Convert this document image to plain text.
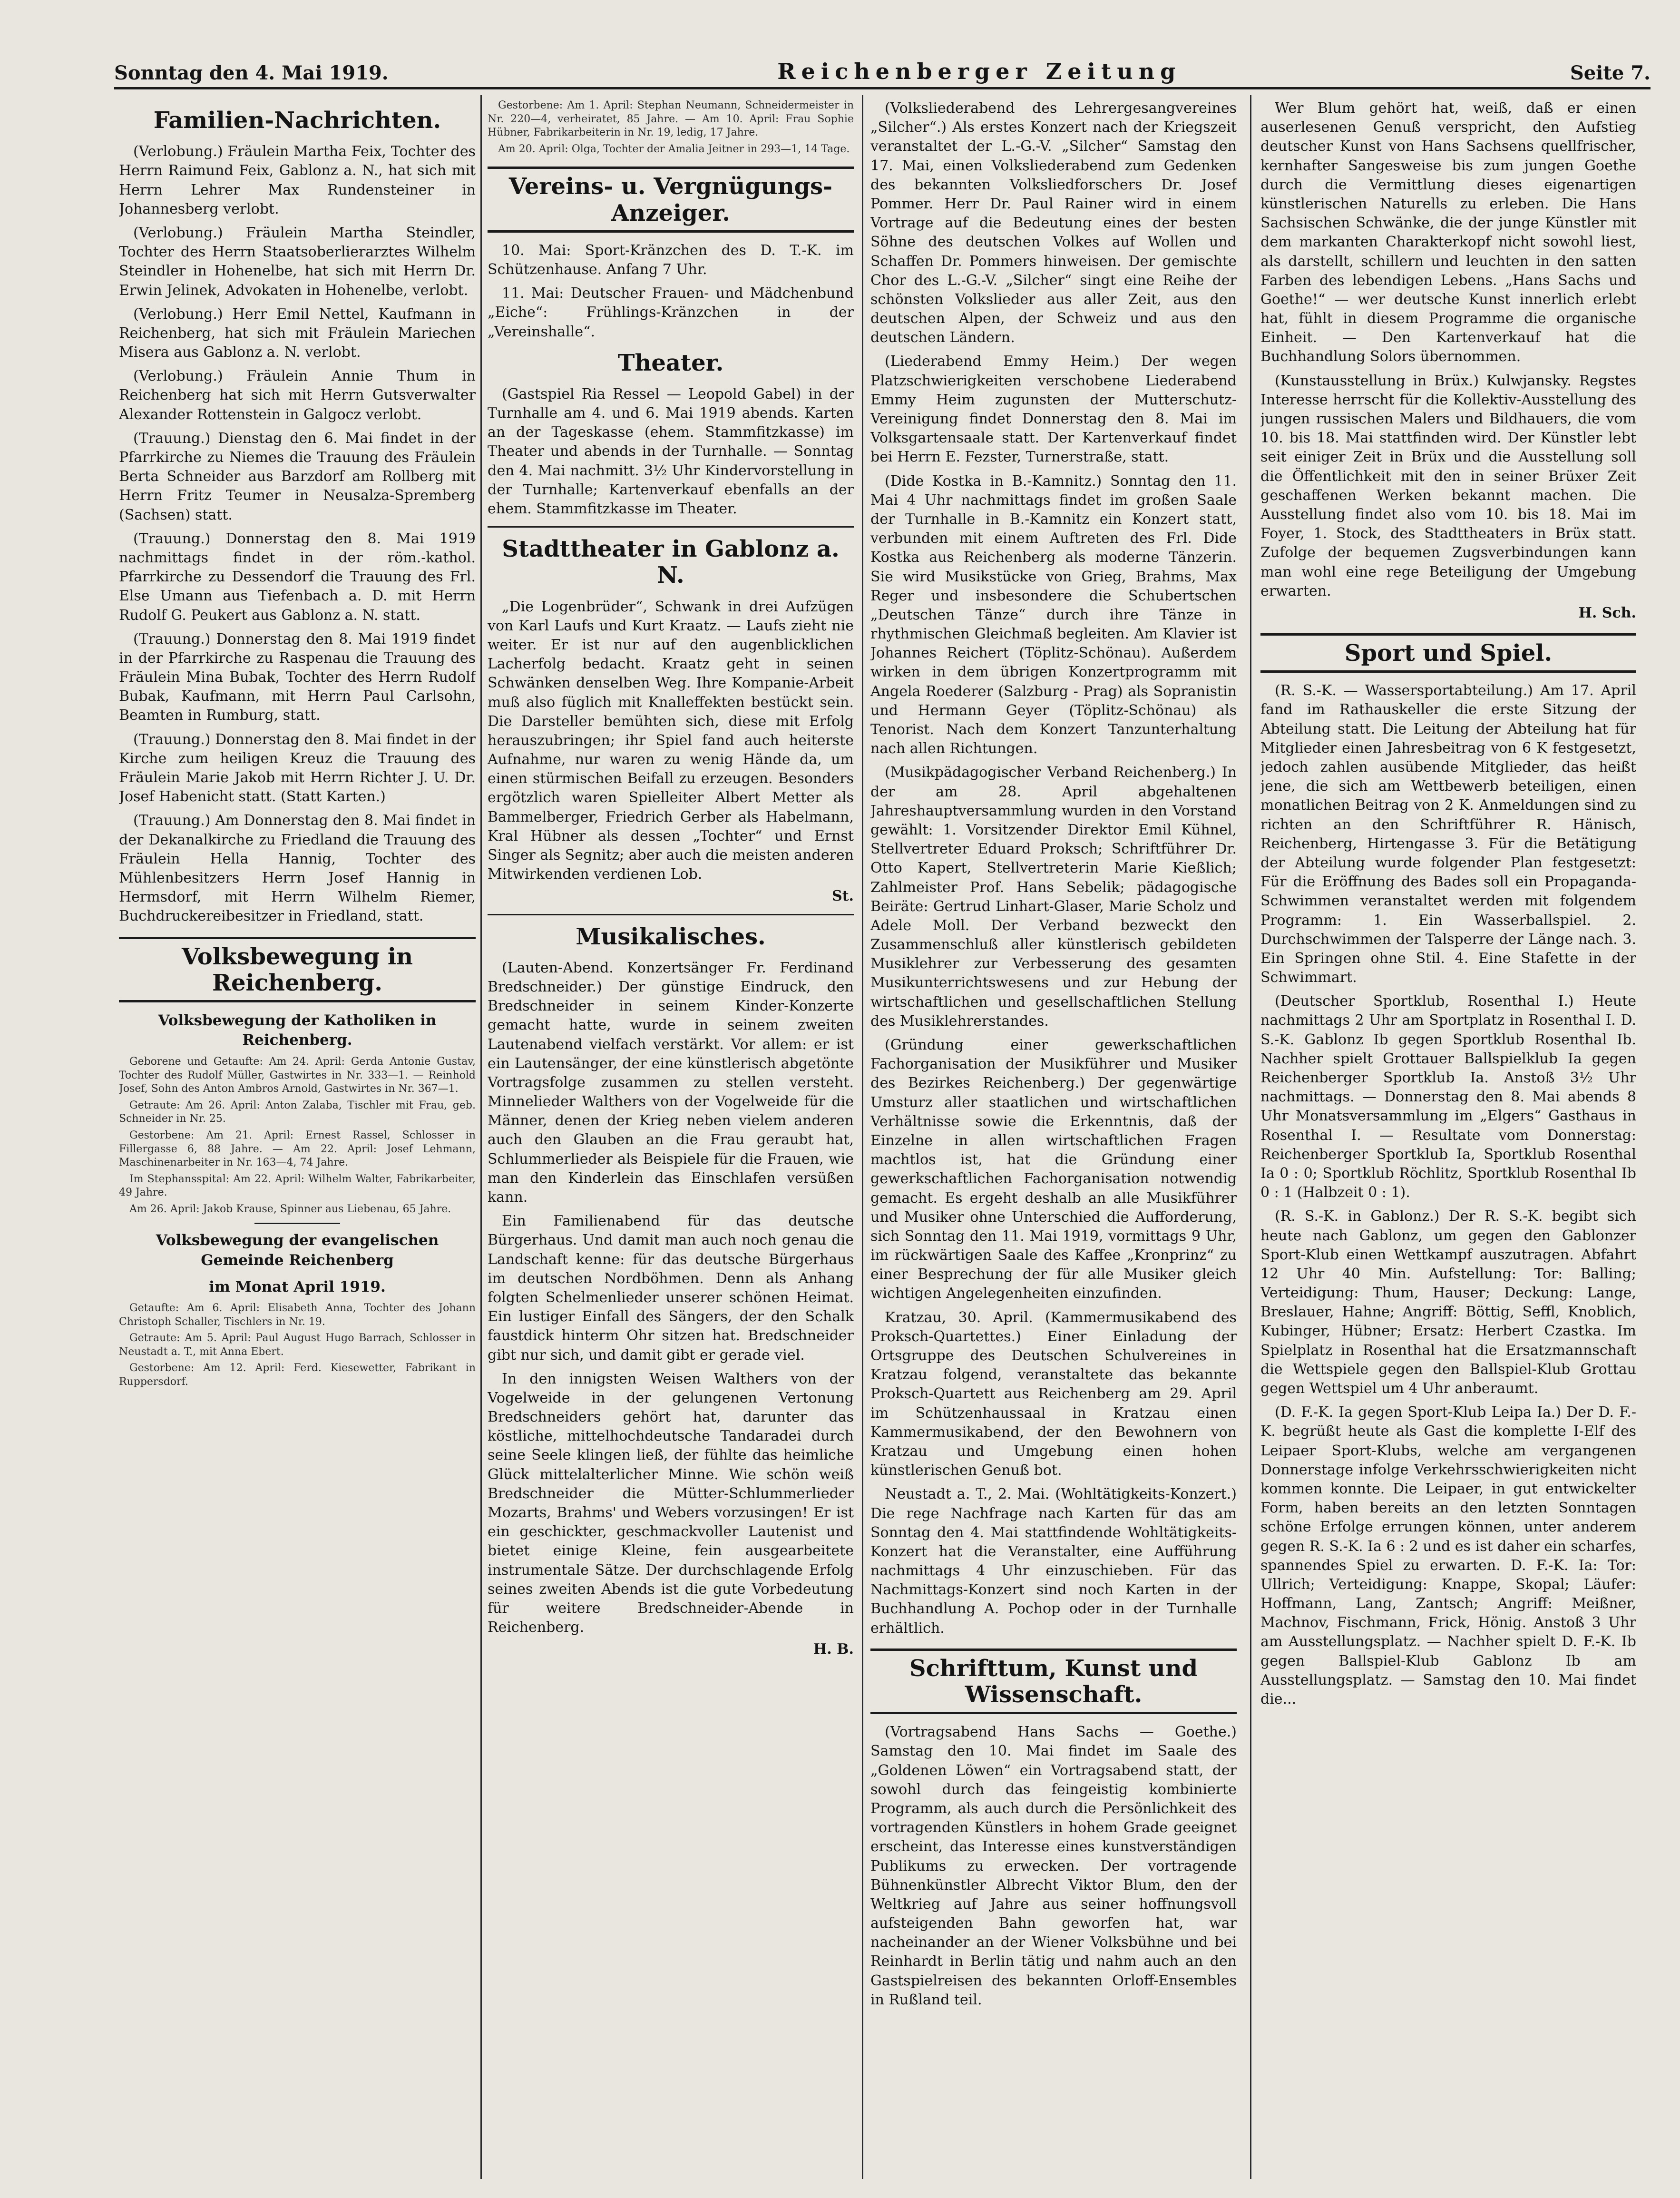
Sonntag den 4. Mai 1919.	Reichenberger Zeitung	Seite 7.
Familien-Nachrichten.

(Verlobung.) Fräulein Martha Feix, Tochter des Herrn Raimund Feix, Gablonz a. N., hat sich mit Herrn Lehrer Max Rundensteiner in Johannesberg verlobt.

(Verlobung.) Fräulein Martha Steindler, Tochter des Herrn Staatsoberlierarztes Wilhelm Steindler in Hohenelbe, hat sich mit Herrn Dr. Erwin Jelinek, Advokaten in Hohenelbe, verlobt.

(Verlobung.) Herr Emil Nettel, Kaufmann in Reichenberg, hat sich mit Fräulein Mariechen Misera aus Gablonz a. N. verlobt.

(Verlobung.) Fräulein Annie Thum in Reichenberg hat sich mit Herrn Gutsverwalter Alexander Rottenstein in Galgocz verlobt.

(Trauung.) Dienstag den 6. Mai findet in der Pfarrkirche zu Niemes die Trauung des Fräulein Berta Schneider aus Barzdorf am Rollberg mit Herrn Fritz Teumer in Neusalza-Spremberg (Sachsen) statt.

(Trauung.) Donnerstag den 8. Mai 1919 nachmittags findet in der röm.-kathol. Pfarrkirche zu Dessendorf die Trauung des Frl. Else Umann aus Tiefenbach a. D. mit Herrn Rudolf G. Peukert aus Gablonz a. N. statt.

(Trauung.) Donnerstag den 8. Mai 1919 findet in der Pfarrkirche zu Raspenau die Trauung des Fräulein Mina Bubak, Tochter des Herrn Rudolf Bubak, Kaufmann, mit Herrn Paul Carlsohn, Beamten in Rumburg, statt.

(Trauung.) Donnerstag den 8. Mai findet in der Kirche zum heiligen Kreuz die Trauung des Fräulein Marie Jakob mit Herrn Richter J. U. Dr. Josef Habenicht statt. (Statt Karten.)

(Trauung.) Am Donnerstag den 8. Mai findet in der Dekanalkirche zu Friedland die Trauung des Fräulein Hella Hannig, Tochter des Mühlenbesitzers Herrn Josef Hannig in Hermsdorf, mit Herrn Wilhelm Riemer, Buchdruckereibesitzer in Friedland, statt.

Volksbewegung in Reichenberg.
Volksbewegung der Katholiken in Reichenberg.

Geborene und Getaufte: Am 24. April: Gerda Antonie Gustav, Tochter des Rudolf Müller, Gastwirtes in Nr. 333—1. — Reinhold Josef, Sohn des Anton Ambros Arnold, Gastwirtes in Nr. 367—1.

Getraute: Am 26. April: Anton Zalaba, Tischler mit Frau, geb. Schneider in Nr. 25.

Gestorbene: Am 21. April: Ernest Rassel, Schlosser in Fillergasse 6, 88 Jahre. — Am 22. April: Josef Lehmann, Maschinenarbeiter in Nr. 163—4, 74 Jahre.

Im Stephansspital: Am 22. April: Wilhelm Walter, Fabrikarbeiter, 49 Jahre.

Am 26. April: Jakob Krause, Spinner aus Liebenau, 65 Jahre.

Volksbewegung der evangelischen Gemeinde Reichenberg
im Monat April 1919.

Getaufte: Am 6. April: Elisabeth Anna, Tochter des Johann Christoph Schaller, Tischlers in Nr. 19.

Getraute: Am 5. April: Paul August Hugo Barrach, Schlosser in Neustadt a. T., mit Anna Ebert.

Gestorbene: Am 12. April: Ferd. Kiesewetter, Fabrikant in Ruppersdorf.

Gestorbene: Am 1. April: Stephan Neumann, Schneidermeister in Nr. 220—4, verheiratet, 85 Jahre. — Am 10. April: Frau Sophie Hübner, Fabrikarbeiterin in Nr. 19, ledig, 17 Jahre.

Am 20. April: Olga, Tochter der Amalia Jeitner in 293—1, 14 Tage.

Vereins- u. Vergnügungs-Anzeiger.

10. Mai: Sport-Kränzchen des D. T.-K. im Schützenhause. Anfang 7 Uhr.

11. Mai: Deutscher Frauen- und Mädchenbund „Eiche“: Frühlings-Kränzchen in der „Vereinshalle“.

Theater.

(Gastspiel Ria Ressel — Leopold Gabel) in der Turnhalle am 4. und 6. Mai 1919 abends. Karten an der Tageskasse (ehem. Stammfitzkasse) im Theater und abends in der Turnhalle. — Sonntag den 4. Mai nachmitt. 3½ Uhr Kindervorstellung in der Turnhalle; Kartenverkauf ebenfalls an der ehem. Stammfitzkasse im Theater.

Stadttheater in Gablonz a. N.

„Die Logenbrüder“, Schwank in drei Aufzügen von Karl Laufs und Kurt Kraatz. — Laufs zieht nie weiter. Er ist nur auf den augenblicklichen Lacherfolg bedacht. Kraatz geht in seinen Schwänken denselben Weg. Ihre Kompanie-Arbeit muß also füglich mit Knalleffekten bestückt sein. Die Darsteller bemühten sich, diese mit Erfolg herauszubringen; ihr Spiel fand auch heiterste Aufnahme, nur waren zu wenig Hände da, um einen stürmischen Beifall zu erzeugen. Besonders ergötzlich waren Spielleiter Albert Metter als Bammelberger, Friedrich Gerber als Habelmann, Kral Hübner als dessen „Tochter“ und Ernst Singer als Segnitz; aber auch die meisten anderen Mitwirkenden verdienen Lob.

St.
Musikalisches.

(Lauten-Abend. Konzertsänger Fr. Ferdinand Bredschneider.) Der günstige Eindruck, den Bredschneider in seinem Kinder-Konzerte gemacht hatte, wurde in seinem zweiten Lautenabend vielfach verstärkt. Vor allem: er ist ein Lautensänger, der eine künstlerisch abgetönte Vortragsfolge zusammen zu stellen versteht. Minnelieder Walthers von der Vogelweide für die Männer, denen der Krieg neben vielem anderen auch den Glauben an die Frau geraubt hat, Schlummerlieder als Beispiele für die Frauen, wie man den Kinderlein das Einschlafen versüßen kann.

Ein Familienabend für das deutsche Bürgerhaus. Und damit man auch noch genau die Landschaft kenne: für das deutsche Bürgerhaus im deutschen Nordböhmen. Denn als Anhang folgten Schelmenlieder unserer schönen Heimat. Ein lustiger Einfall des Sängers, der den Schalk faustdick hinterm Ohr sitzen hat. Bredschneider gibt nur sich, und damit gibt er gerade viel.

In den innigsten Weisen Walthers von der Vogelweide in der gelungenen Vertonung Bredschneiders gehört hat, darunter das köstliche, mittelhochdeutsche Tandaradei durch seine Seele klingen ließ, der fühlte das heimliche Glück mittelalterlicher Minne. Wie schön weiß Bredschneider die Mütter-Schlummerlieder Mozarts, Brahms' und Webers vorzusingen! Er ist ein geschickter, geschmackvoller Lautenist und bietet einige Kleine, fein ausgearbeitete instrumentale Sätze. Der durchschlagende Erfolg seines zweiten Abends ist die gute Vorbedeutung für weitere Bredschneider-Abende in Reichenberg.

H. B.

(Volksliederabend des Lehrergesangvereines „Silcher“.) Als erstes Konzert nach der Kriegszeit veranstaltet der L.-G.-V. „Silcher“ Samstag den 17. Mai, einen Volksliederabend zum Gedenken des bekannten Volksliedforschers Dr. Josef Pommer. Herr Dr. Paul Rainer wird in einem Vortrage auf die Bedeutung eines der besten Söhne des deutschen Volkes auf Wollen und Schaffen Dr. Pommers hinweisen. Der gemischte Chor des L.-G.-V. „Silcher“ singt eine Reihe der schönsten Volkslieder aus aller Zeit, aus den deutschen Alpen, der Schweiz und aus den deutschen Ländern.

(Liederabend Emmy Heim.) Der wegen Platzschwierigkeiten verschobene Liederabend Emmy Heim zugunsten der Mutterschutz-Vereinigung findet Donnerstag den 8. Mai im Volksgartensaale statt. Der Kartenverkauf findet bei Herrn E. Fezster, Turnerstraße, statt.

(Dide Kostka in B.-Kamnitz.) Sonntag den 11. Mai 4 Uhr nachmittags findet im großen Saale der Turnhalle in B.-Kamnitz ein Konzert statt, verbunden mit einem Auftreten des Frl. Dide Kostka aus Reichenberg als moderne Tänzerin. Sie wird Musikstücke von Grieg, Brahms, Max Reger und insbesondere die Schubertschen „Deutschen Tänze“ durch ihre Tänze in rhythmischen Gleichmaß begleiten. Am Klavier ist Johannes Reichert (Töplitz-Schönau). Außerdem wirken in dem übrigen Konzertprogramm mit Angela Roederer (Salzburg - Prag) als Sopranistin und Hermann Geyer (Töplitz-Schönau) als Tenorist. Nach dem Konzert Tanzunterhaltung nach allen Richtungen.

(Musikpädagogischer Verband Reichenberg.) In der am 28. April abgehaltenen Jahreshauptversammlung wurden in den Vorstand gewählt: 1. Vorsitzender Direktor Emil Kühnel, Stellvertreter Eduard Proksch; Schriftführer Dr. Otto Kapert, Stellvertreterin Marie Kießlich; Zahlmeister Prof. Hans Sebelik; pädagogische Beiräte: Gertrud Linhart-Glaser, Marie Scholz und Adele Moll. Der Verband bezweckt den Zusammenschluß aller künstlerisch gebildeten Musiklehrer zur Verbesserung des gesamten Musikunterrichtswesens und zur Hebung der wirtschaftlichen und gesellschaftlichen Stellung des Musiklehrerstandes.

(Gründung einer gewerkschaftlichen Fachorganisation der Musikführer und Musiker des Bezirkes Reichenberg.) Der gegenwärtige Umsturz aller staatlichen und wirtschaftlichen Verhältnisse sowie die Erkenntnis, daß der Einzelne in allen wirtschaftlichen Fragen machtlos ist, hat die Gründung einer gewerkschaftlichen Fachorganisation notwendig gemacht. Es ergeht deshalb an alle Musikführer und Musiker ohne Unterschied die Aufforderung, sich Sonntag den 11. Mai 1919, vormittags 9 Uhr, im rückwärtigen Saale des Kaffee „Kronprinz“ zu einer Besprechung der für alle Musiker gleich wichtigen Angelegenheiten einzufinden.

Kratzau, 30. April. (Kammermusikabend des Proksch-Quartettes.) Einer Einladung der Ortsgruppe des Deutschen Schulvereines in Kratzau folgend, veranstaltete das bekannte Proksch-Quartett aus Reichenberg am 29. April im Schützenhaussaal in Kratzau einen Kammermusikabend, der den Bewohnern von Kratzau und Umgebung einen hohen künstlerischen Genuß bot.

Neustadt a. T., 2. Mai. (Wohltätigkeits-Konzert.) Die rege Nachfrage nach Karten für das am Sonntag den 4. Mai stattfindende Wohltätigkeits-Konzert hat die Veranstalter, eine Aufführung nachmittags 4 Uhr einzuschieben. Für das Nachmittags-Konzert sind noch Karten in der Buchhandlung A. Pochop oder in der Turnhalle erhältlich.

Schrifttum, Kunst und Wissenschaft.

(Vortragsabend Hans Sachs — Goethe.) Samstag den 10. Mai findet im Saale des „Goldenen Löwen“ ein Vortragsabend statt, der sowohl durch das feingeistig kombinierte Programm, als auch durch die Persönlichkeit des vortragenden Künstlers in hohem Grade geeignet erscheint, das Interesse eines kunstverständigen Publikums zu erwecken. Der vortragende Bühnenkünstler Albrecht Viktor Blum, den der Weltkrieg auf Jahre aus seiner hoffnungsvoll aufsteigenden Bahn geworfen hat, war nacheinander an der Wiener Volksbühne und bei Reinhardt in Berlin tätig und nahm auch an den Gastspielreisen des bekannten Orloff-Ensembles in Rußland teil.

Wer Blum gehört hat, weiß, daß er einen auserlesenen Genuß verspricht, den Aufstieg deutscher Kunst von Hans Sachsens quellfrischer, kernhafter Sangesweise bis zum jungen Goethe durch die Vermittlung dieses eigenartigen künstlerischen Naturells zu erleben. Die Hans Sachsischen Schwänke, die der junge Künstler mit dem markanten Charakterkopf nicht sowohl liest, als darstellt, schillern und leuchten in den satten Farben des lebendigen Lebens. „Hans Sachs und Goethe!“ — wer deutsche Kunst innerlich erlebt hat, fühlt in diesem Programme die organische Einheit. — Den Kartenverkauf hat die Buchhandlung Solors übernommen.

(Kunstausstellung in Brüx.) Kulwjansky. Regstes Interesse herrscht für die Kollektiv-Ausstellung des jungen russischen Malers und Bildhauers, die vom 10. bis 18. Mai stattfinden wird. Der Künstler lebt seit einiger Zeit in Brüx und die Ausstellung soll die Öffentlichkeit mit den in seiner Brüxer Zeit geschaffenen Werken bekannt machen. Die Ausstellung findet also vom 10. bis 18. Mai im Foyer, 1. Stock, des Stadttheaters in Brüx statt. Zufolge der bequemen Zugsverbindungen kann man wohl eine rege Beteiligung der Umgebung erwarten.

H. Sch.
Sport und Spiel.

(R. S.-K. — Wassersportabteilung.) Am 17. April fand im Rathauskeller die erste Sitzung der Abteilung statt. Die Leitung der Abteilung hat für Mitglieder einen Jahresbeitrag von 6 K festgesetzt, jedoch zahlen ausübende Mitglieder, das heißt jene, die sich am Wettbewerb beteiligen, einen monatlichen Beitrag von 2 K. Anmeldungen sind zu richten an den Schriftführer R. Hänisch, Reichenberg, Hirtengasse 3. Für die Betätigung der Abteilung wurde folgender Plan festgesetzt: Für die Eröffnung des Bades soll ein Propaganda-Schwimmen veranstaltet werden mit folgendem Programm: 1. Ein Wasserballspiel. 2. Durchschwimmen der Talsperre der Länge nach. 3. Ein Springen ohne Stil. 4. Eine Stafette in der Schwimmart.

(Deutscher Sportklub, Rosenthal I.) Heute nachmittags 2 Uhr am Sportplatz in Rosenthal I. D. S.-K. Gablonz Ib gegen Sportklub Rosenthal Ib. Nachher spielt Grottauer Ballspielklub Ia gegen Reichenberger Sportklub Ia. Anstoß 3½ Uhr nachmittags. — Donnerstag den 8. Mai abends 8 Uhr Monatsversammlung im „Elgers“ Gasthaus in Rosenthal I. — Resultate vom Donnerstag: Reichenberger Sportklub Ia, Sportklub Rosenthal Ia 0 : 0; Sportklub Röchlitz, Sportklub Rosenthal Ib 0 : 1 (Halbzeit 0 : 1).

(R. S.-K. in Gablonz.) Der R. S.-K. begibt sich heute nach Gablonz, um gegen den Gablonzer Sport-Klub einen Wettkampf auszutragen. Abfahrt 12 Uhr 40 Min. Aufstellung: Tor: Balling; Verteidigung: Thum, Hauser; Deckung: Lange, Breslauer, Hahne; Angriff: Böttig, Seffl, Knoblich, Kubinger, Hübner; Ersatz: Herbert Czastka. Im Spielplatz in Rosenthal hat die Ersatzmannschaft die Wettspiele gegen den Ballspiel-Klub Grottau gegen Wettspiel um 4 Uhr anberaumt.

(D. F.-K. Ia gegen Sport-Klub Leipa Ia.) Der D. F.-K. begrüßt heute als Gast die komplette I-Elf des Leipaer Sport-Klubs, welche am vergangenen Donnerstage infolge Verkehrsschwierigkeiten nicht kommen konnte. Die Leipaer, in gut entwickelter Form, haben bereits an den letzten Sonntagen schöne Erfolge errungen können, unter anderem gegen R. S.-K. Ia 6 : 2 und es ist daher ein scharfes, spannendes Spiel zu erwarten. D. F.-K. Ia: Tor: Ullrich; Verteidigung: Knappe, Skopal; Läufer: Hoffmann, Lang, Zantsch; Angriff: Meißner, Machnov, Fischmann, Frick, Hönig. Anstoß 3 Uhr am Ausstellungsplatz. — Nachher spielt D. F.-K. Ib gegen Ballspiel-Klub Gablonz Ib am Ausstellungsplatz. — Samstag den 10. Mai findet die...
